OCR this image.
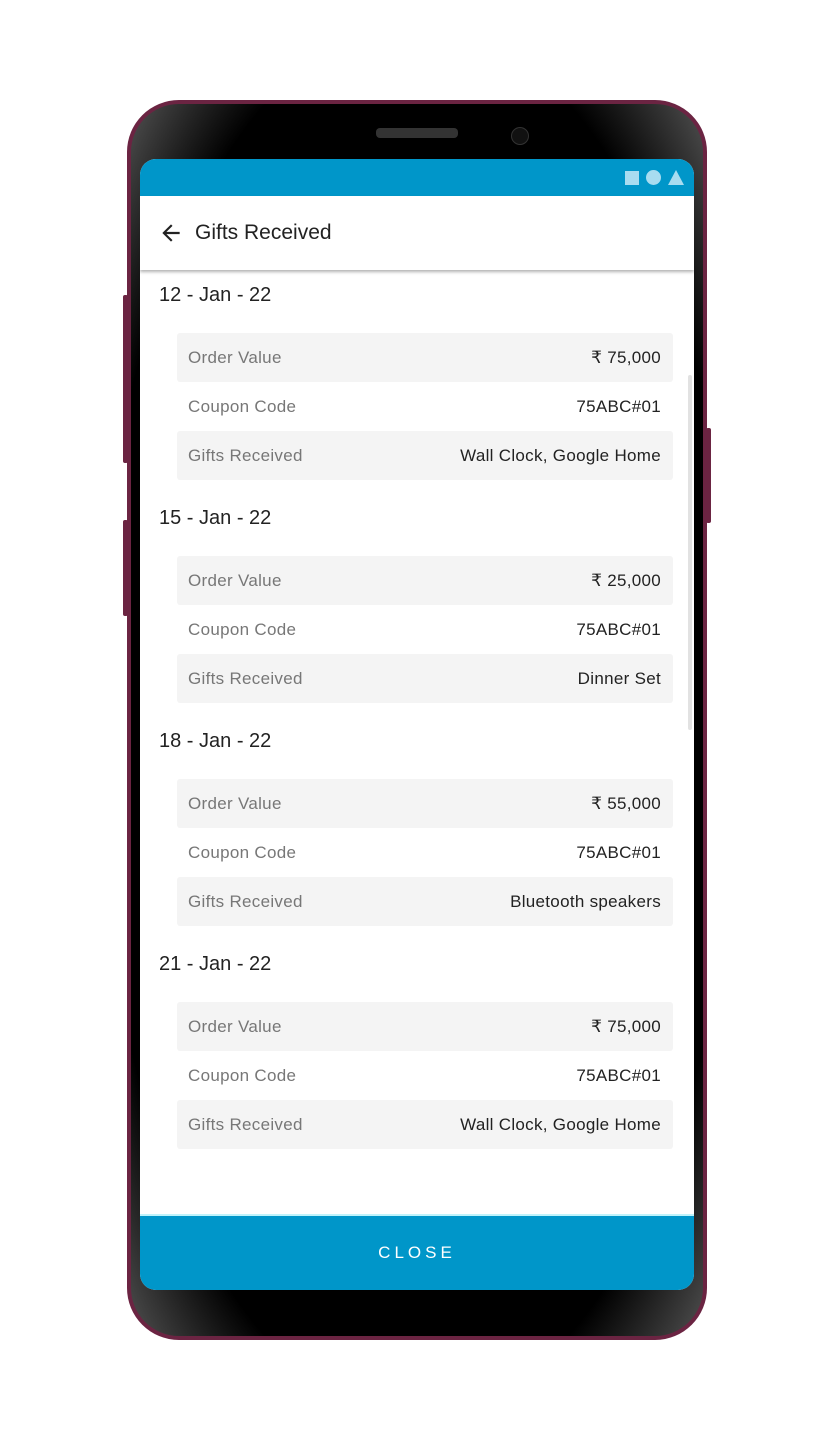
Gifts Received
12 - Jan - 22
Order Value	₹ 75,000
Coupon Code	75ABC#01
Gifts Received	Wall Clock, Google Home
15 - Jan - 22
Order Value	₹ 25,000
Coupon Code	75ABC#01
Gifts Received	Dinner Set
18 - Jan - 22
Order Value	₹ 55,000
Coupon Code	75ABC#01
Gifts Received	Bluetooth speakers
21 - Jan - 22
Order Value	₹ 75,000
Coupon Code	75ABC#01
Gifts Received	Wall Clock, Google Home
CLOSE
